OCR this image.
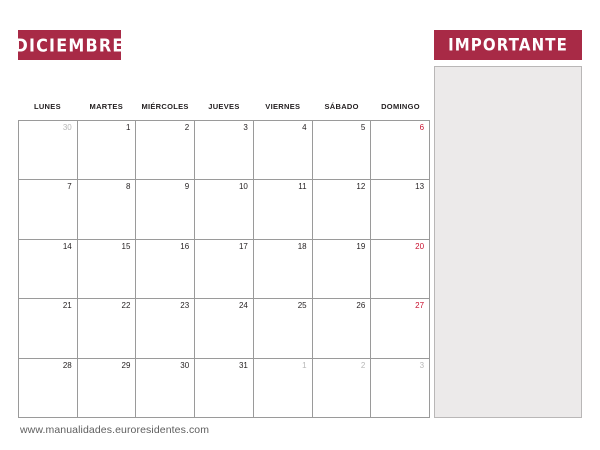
DICIEMBRE
LUNES	MARTES	MIÉRCOLES	JUEVES	VIERNES	SÁBADO	DOMINGO
30	1	2	3	4	5	6
7	8	9	10	11	12	13
14	15	16	17	18	19	20
21	22	23	24	25	26	27
28	29	30	31	1	2	3
IMPORTANTE
www.manualidades.euroresidentes.com
